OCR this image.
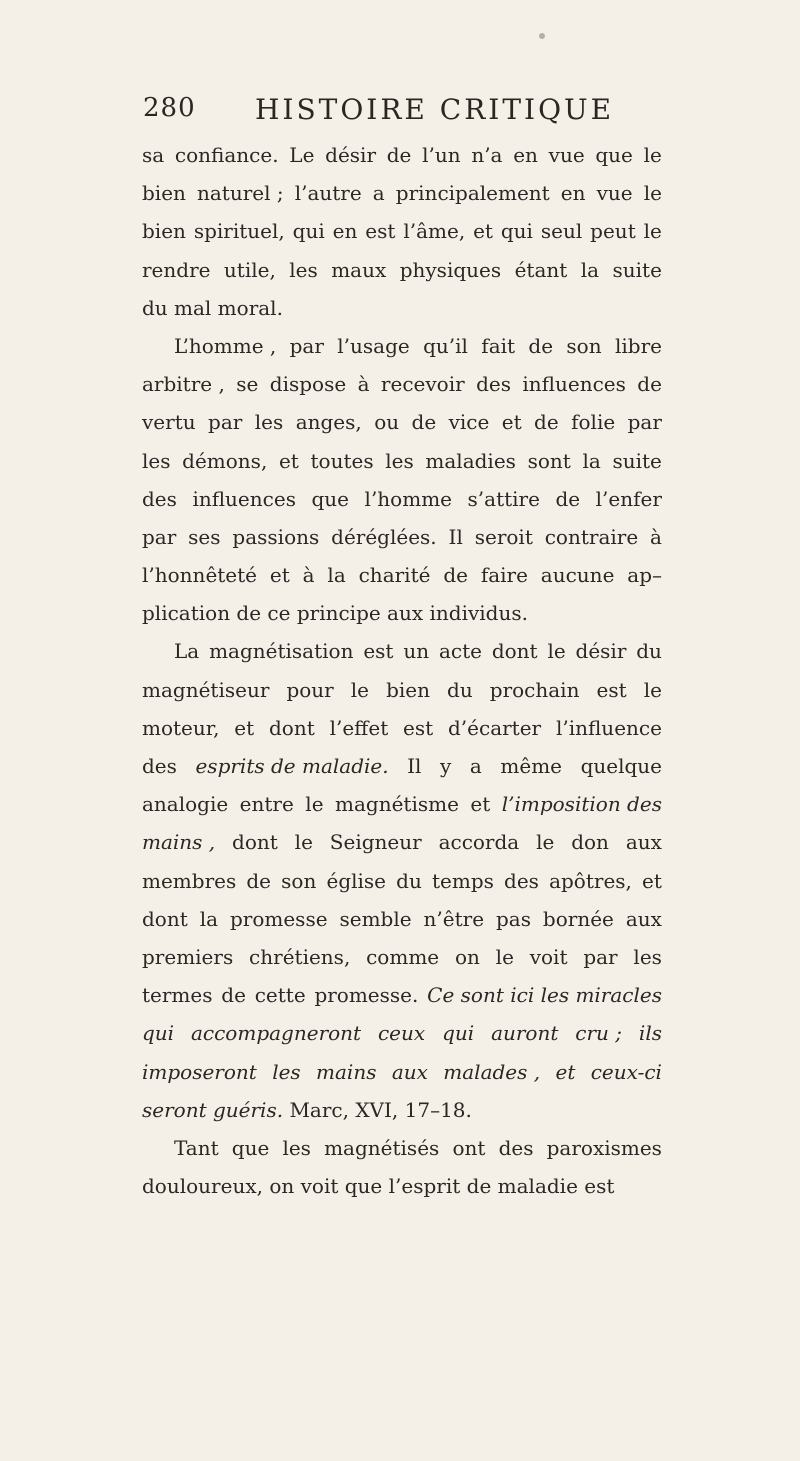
280 HISTOIRE CRITIQUE
sa confiance. Le désir de l’un n’a en vue que le
bien naturel ; l’autre a principalement en vue le
bien spirituel, qui en est l’âme, et qui seul peut le
rendre utile, les maux physiques étant la suite
du mal moral.
L’homme , par l’usage qu’il fait de son libre
arbitre , se dispose à recevoir des influences de
vertu par les anges, ou de vice et de folie par
les démons, et toutes les maladies sont la suite
des influences que l’homme s’attire de l’enfer
par ses passions déréglées. Il seroit contraire à
l’honnêteté et à la charité de faire aucune ap–
plication de ce principe aux individus.
La magnétisation est un acte dont le désir du
magnétiseur pour le bien du prochain est le
moteur, et dont l’effet est d’écarter l’influence
des esprits de maladie. Il y a même quelque
analogie entre le magnétisme et l’imposition des
mains , dont le Seigneur accorda le don aux
membres de son église du temps des apôtres, et
dont la promesse semble n’être pas bornée aux
premiers chrétiens, comme on le voit par les
termes de cette promesse. Ce sont ici les miracles
qui accompagneront ceux qui auront cru ; ils
imposeront les mains aux malades , et ceux-ci
seront guéris.
Marc, XVI, 17–18.
Tant que les magnétisés ont des paroxismes
douloureux,
on
voit
que
l’esprit
de
maladie
est
